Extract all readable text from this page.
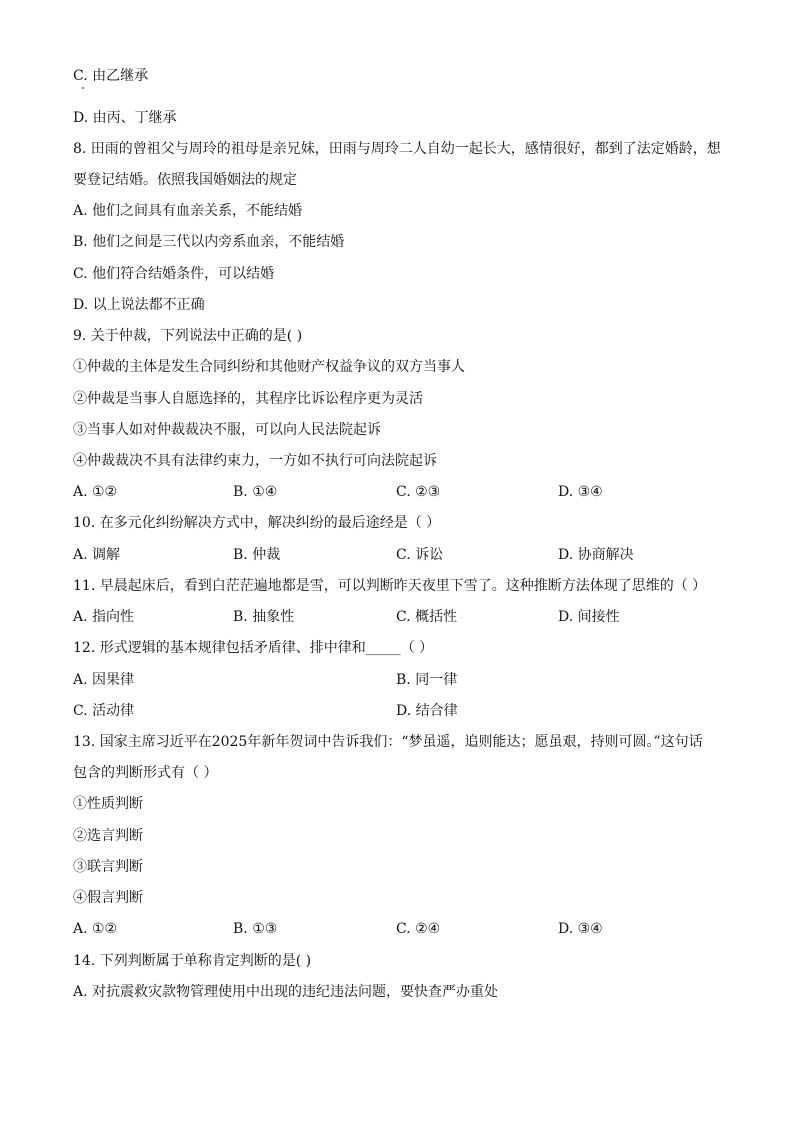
C. 由乙继承
D. 由丙、丁继承
8. 田雨的曾祖父与周玲的祖母是亲兄妹，田雨与周玲二人自幼一起长大，感情很好，都到了法定婚龄，想
要登记结婚。依照我国婚姻法的规定
A. 他们之间具有血亲关系，不能结婚
B. 他们之间是三代以内旁系血亲，不能结婚
C. 他们符合结婚条件，可以结婚
D. 以上说法都不正确
9. 关于仲裁，下列说法中正确的是( )
①仲裁的主体是发生合同纠纷和其他财产权益争议的双方当事人
②仲裁是当事人自愿选择的，其程序比诉讼程序更为灵活
③当事人如对仲裁裁决不服，可以向人民法院起诉
④仲裁裁决不具有法律约束力，一方如不执行可向法院起诉
A. ①②	B. ①④	C. ②③	D. ③④
10. 在多元化纠纷解决方式中，解决纠纷的最后途经是（ ）
A. 调解	B. 仲裁	C. 诉讼	D. 协商解决
11. 早晨起床后，看到白茫茫遍地都是雪，可以判断昨天夜里下雪了。这种推断方法体现了思维的（ ）
A. 指向性	B. 抽象性	C. 概括性	D. 间接性
12. 形式逻辑的基本规律包括矛盾律、排中律和_____（ ）
A. 因果律	B. 同一律
C. 活动律	D. 结合律
13. 国家主席习近平在2025年新年贺词中告诉我们：“梦虽遥，追则能达；愿虽艰，持则可圆。”这句话
包含的判断形式有（ ）
①性质判断
②选言判断
③联言判断
④假言判断
A. ①②	B. ①③	C. ②④	D. ③④
14. 下列判断属于单称肯定判断的是( )
A. 对抗震救灾款物管理使用中出现的违纪违法问题，要快查严办重处
